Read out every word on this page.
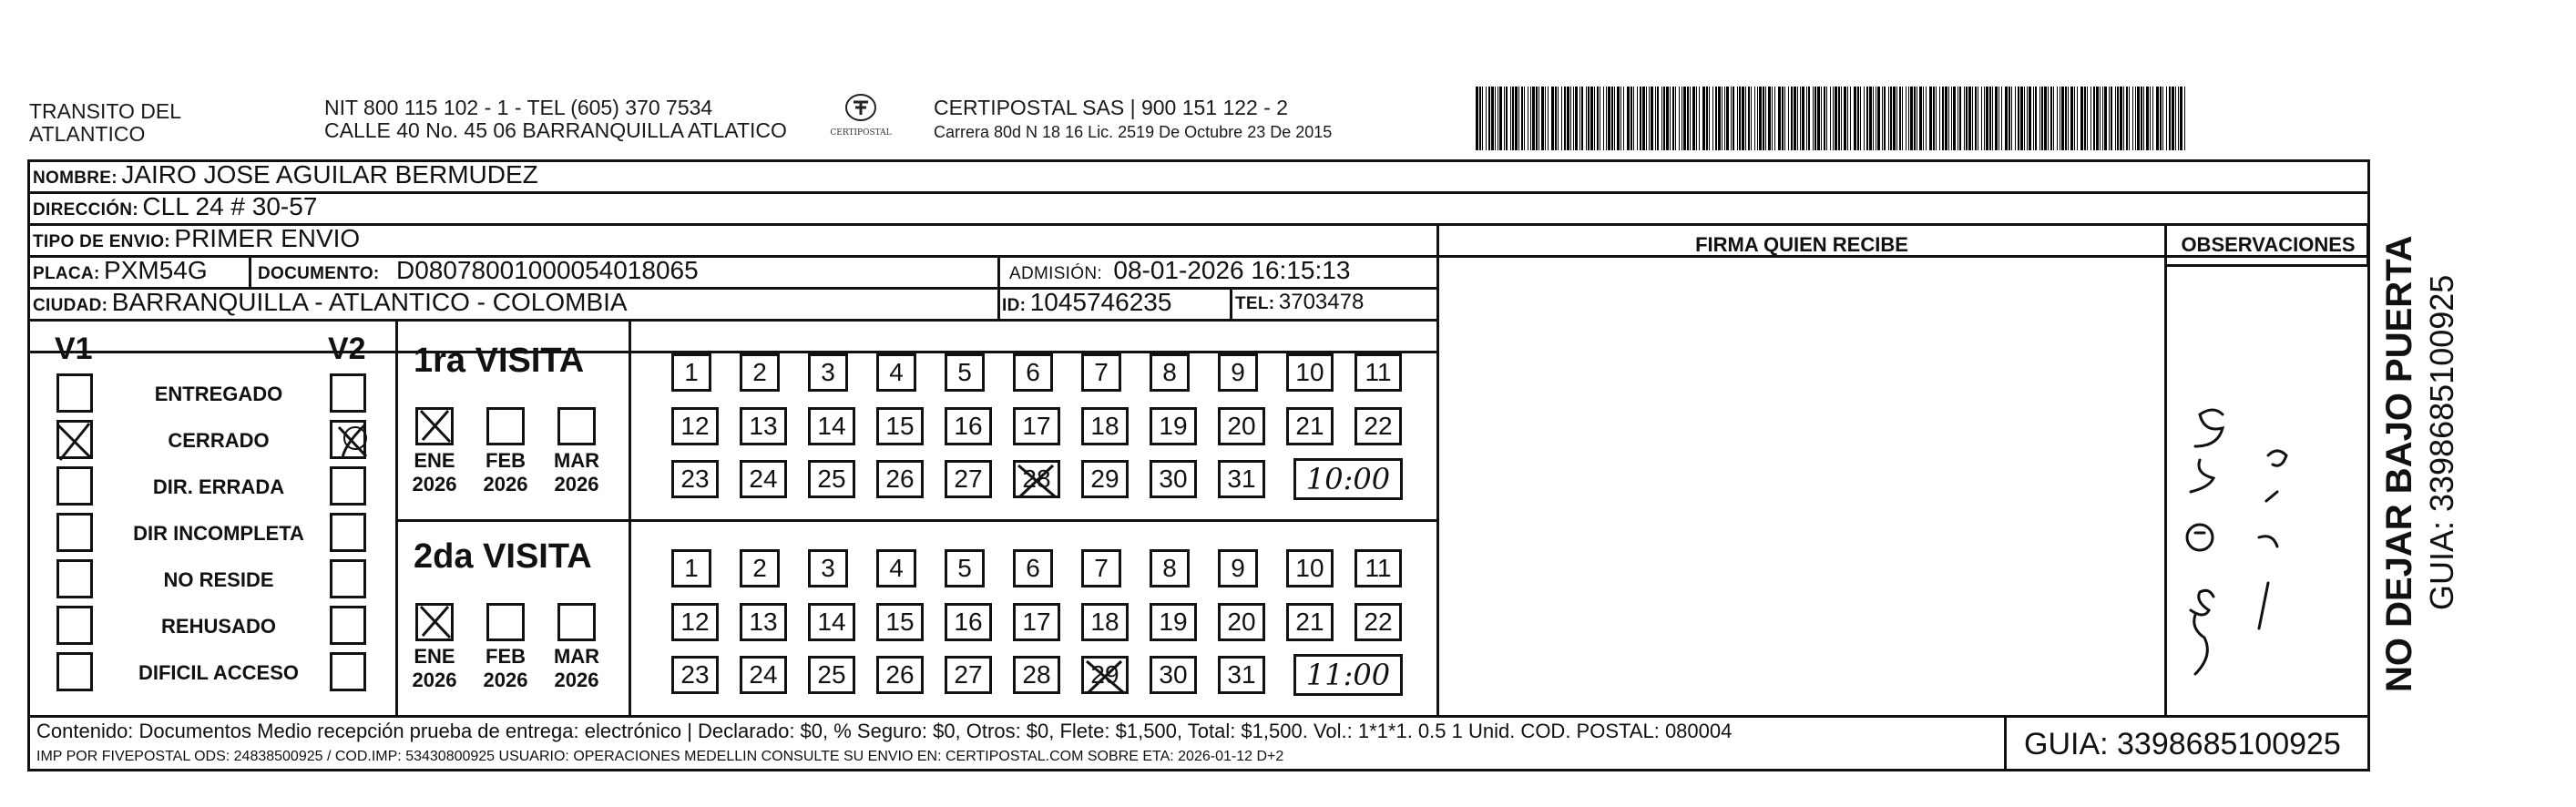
TRANSITO DEL
ATLANTICO
NIT 800 115 102 - 1 - TEL (605) 370 7534
CALLE 40 No. 45 06 BARRANQUILLA ATLATICO	CERTIPOSTAL
CERTIPOSTAL SAS | 900 151 122 - 2
Carrera 80d N 18 16 Lic. 2519 De Octubre 23 De 2015
NOMBRE: JAIRO JOSE AGUILAR BERMUDEZ
DIRECCIÓN: CLL 24 # 30-57
TIPO DE ENVIO: PRIMER ENVIO
PLACA: PXM54G	DOCUMENTO: D08078001000054018065	ADMISIÓN: 08-01-2026 16:15:13
CIUDAD: BARRANQUILLA - ATLANTICO - COLOMBIA	ID: 1045746235	TEL: 3703478
FIRMA QUIEN RECIBE	OBSERVACIONES
V1	V2
ENTREGADO
CERRADO
DIR. ERRADA
DIR INCOMPLETA
NO RESIDE
REHUSADO
DIFICIL ACCESO
1ra VISITA
ENE
2026
FEB
2026
MAR
2026
1	2	3	4	5	6	7	8	9	10	11
12	13	14	15	16	17	18	19	20	21	22
23	24	25	26	27	28	29	30	31	10:00
2da VISITA
ENE
2026
FEB
2026
MAR
2026
1	2	3	4	5	6	7	8	9	10	11
12	13	14	15	16	17	18	19	20	21	22
23	24	25	26	27	28	29	30	31	11:00
Contenido: Documentos Medio recepción prueba de entrega: electrónico | Declarado: $0, % Seguro: $0, Otros: $0, Flete: $1,500, Total: $1,500. Vol.: 1*1*1. 0.5 1 Unid. COD. POSTAL: 080004
IMP POR FIVEPOSTAL ODS: 24838500925 / COD.IMP: 53430800925 USUARIO: OPERACIONES MEDELLIN CONSULTE SU ENVIO EN: CERTIPOSTAL.COM SOBRE ETA: 2026-01-12 D+2	GUIA: 3398685100925
NO DEJAR BAJO PUERTA GUIA: 3398685100925
